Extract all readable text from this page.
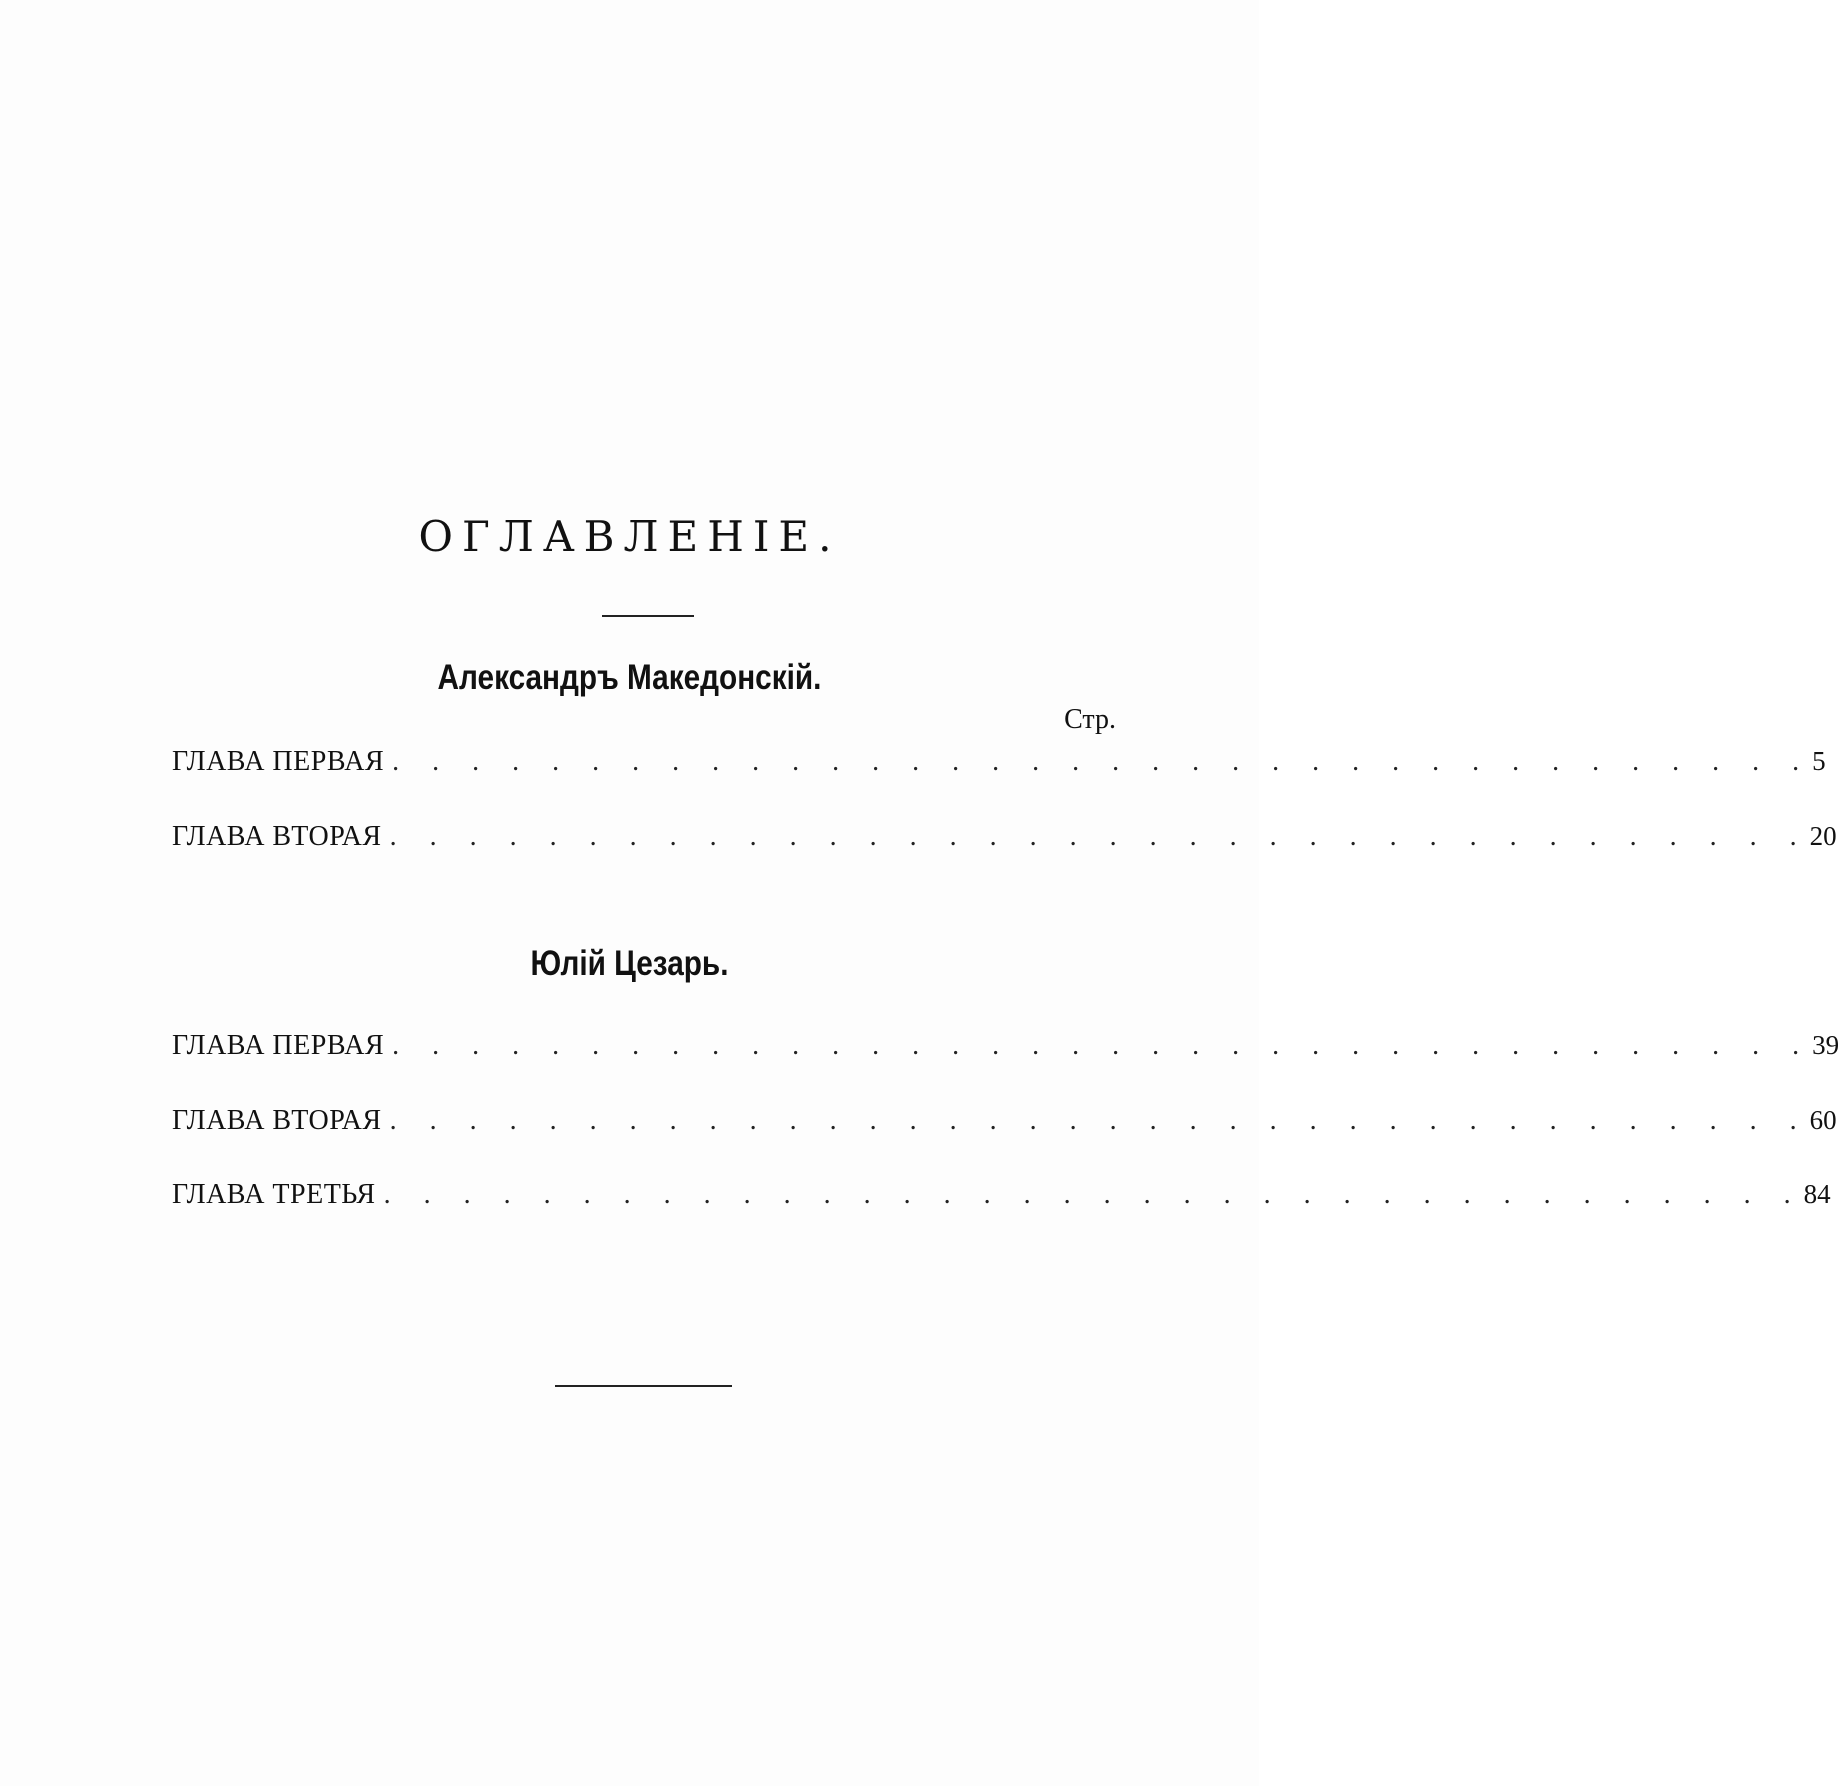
ОГЛАВЛЕНІЕ.
Александръ Македонскій.
Стр.
ГЛАВА ПЕРВАЯ . . . . . . . . . . . . . . . . . . . . . . . . . . . . . . . . . . . . 5
ГЛАВА ВТОРАЯ . . . . . . . . . . . . . . . . . . . . . . . . . . . . . . . . . . . . 20
Юлій Цезарь.
ГЛАВА ПЕРВАЯ . . . . . . . . . . . . . . . . . . . . . . . . . . . . . . . . . . . . 39
ГЛАВА ВТОРАЯ . . . . . . . . . . . . . . . . . . . . . . . . . . . . . . . . . . . . 60
ГЛАВА ТРЕТЬЯ . . . . . . . . . . . . . . . . . . . . . . . . . . . . . . . . . . . . 84
